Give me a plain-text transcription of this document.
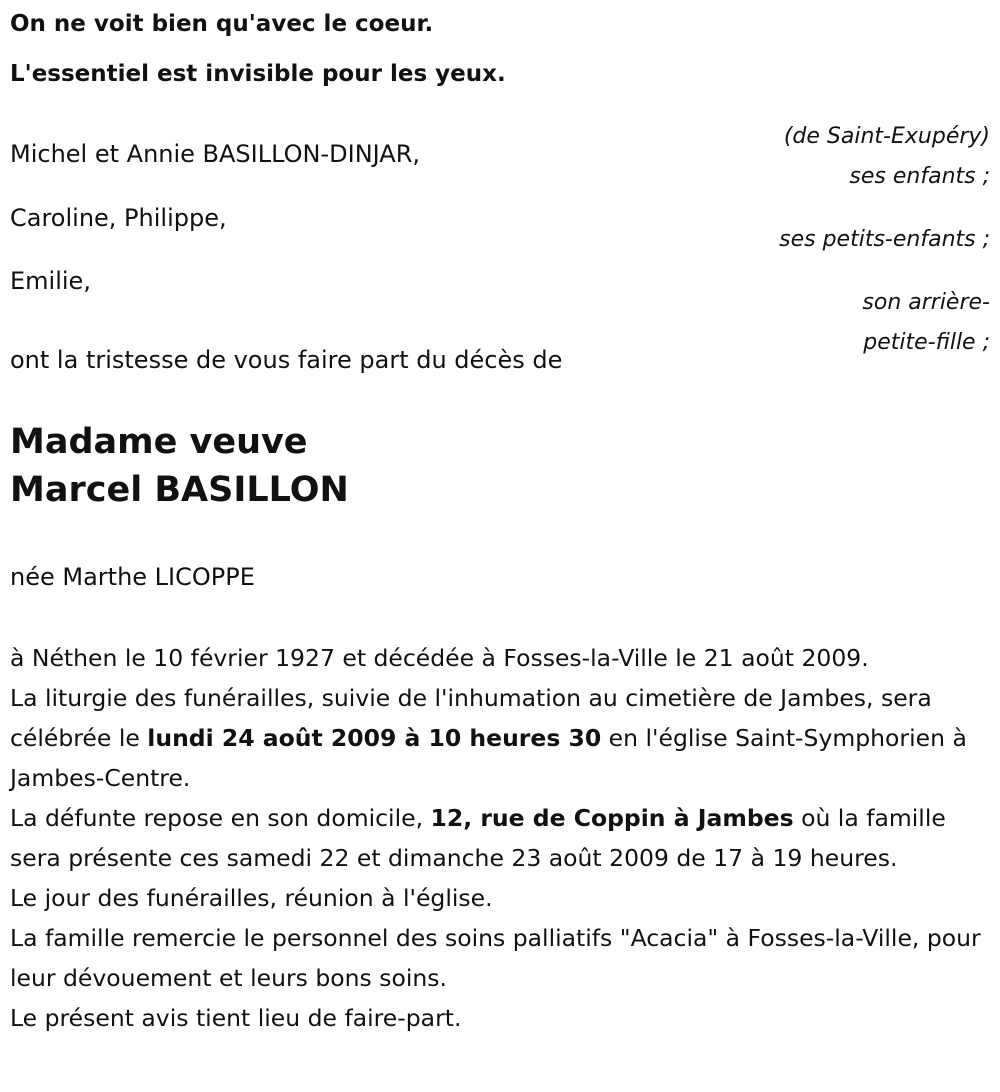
On ne voit bien qu'avec le coeur.
L'essentiel est invisible pour les yeux.
(de Saint-Exupéry)
Michel et Annie BASILLON-DINJAR,
ses enfants ;
Caroline, Philippe,
ses petits-enfants ;
Emilie,
son arrière-
petite-fille ;
ont la tristesse de vous faire part du décès de
Madame veuve
Marcel BASILLON
née Marthe LICOPPE
à Néthen le 10 février 1927 et décédée à Fosses-la-Ville le 21 août 2009.
La liturgie des funérailles, suivie de l'inhumation au cimetière de Jambes, sera célébrée le lundi 24 août 2009 à 10 heures 30 en l'église Saint-Symphorien à Jambes-Centre.
La défunte repose en son domicile, 12, rue de Coppin à Jambes où la famille sera présente ces samedi 22 et dimanche 23 août 2009 de 17 à 19 heures.
Le jour des funérailles, réunion à l'église.
La famille remercie le personnel des soins palliatifs "Acacia" à Fosses-la-Ville, pour leur dévouement et leurs bons soins.
Le présent avis tient lieu de faire-part.
